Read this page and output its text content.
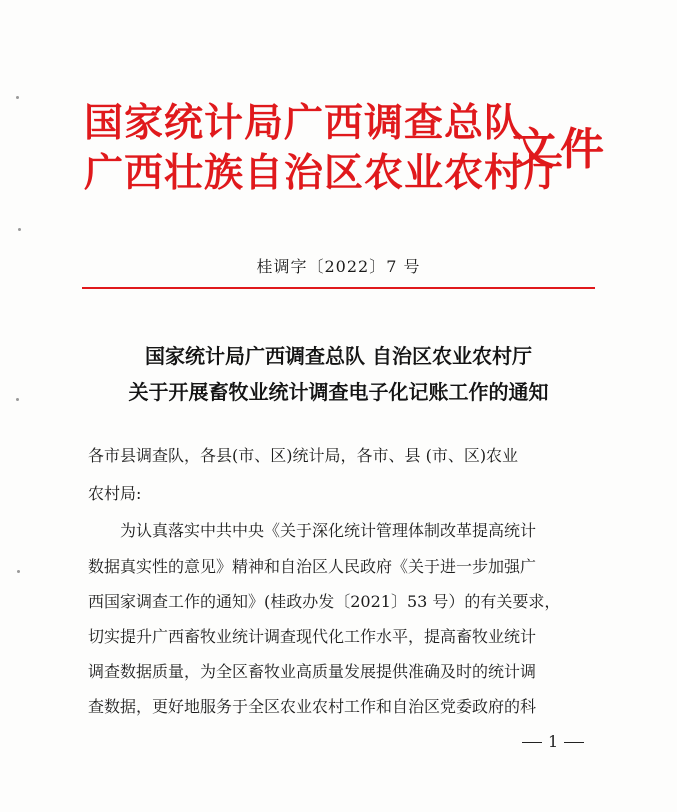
国家统计局广西调查总队
广西壮族自治区农业农村厅
文件
桂调字〔2022〕7 号
国家统计局广西调查总队 自治区农业农村厅
关于开展畜牧业统计调查电子化记账工作的通知
各市县调查队，各县(市、区)统计局，各市、县 (市、区)农业
农村局:
为认真落实中共中央《关于深化统计管理体制改革提高统计
数据真实性的意见》精神和自治区人民政府《关于进一步加强广
西国家调查工作的通知》(桂政办发〔2021〕53 号）的有关要求，
切实提升广西畜牧业统计调查现代化工作水平，提高畜牧业统计
调查数据质量，为全区畜牧业高质量发展提供准确及时的统计调
查数据，更好地服务于全区农业农村工作和自治区党委政府的科
1
